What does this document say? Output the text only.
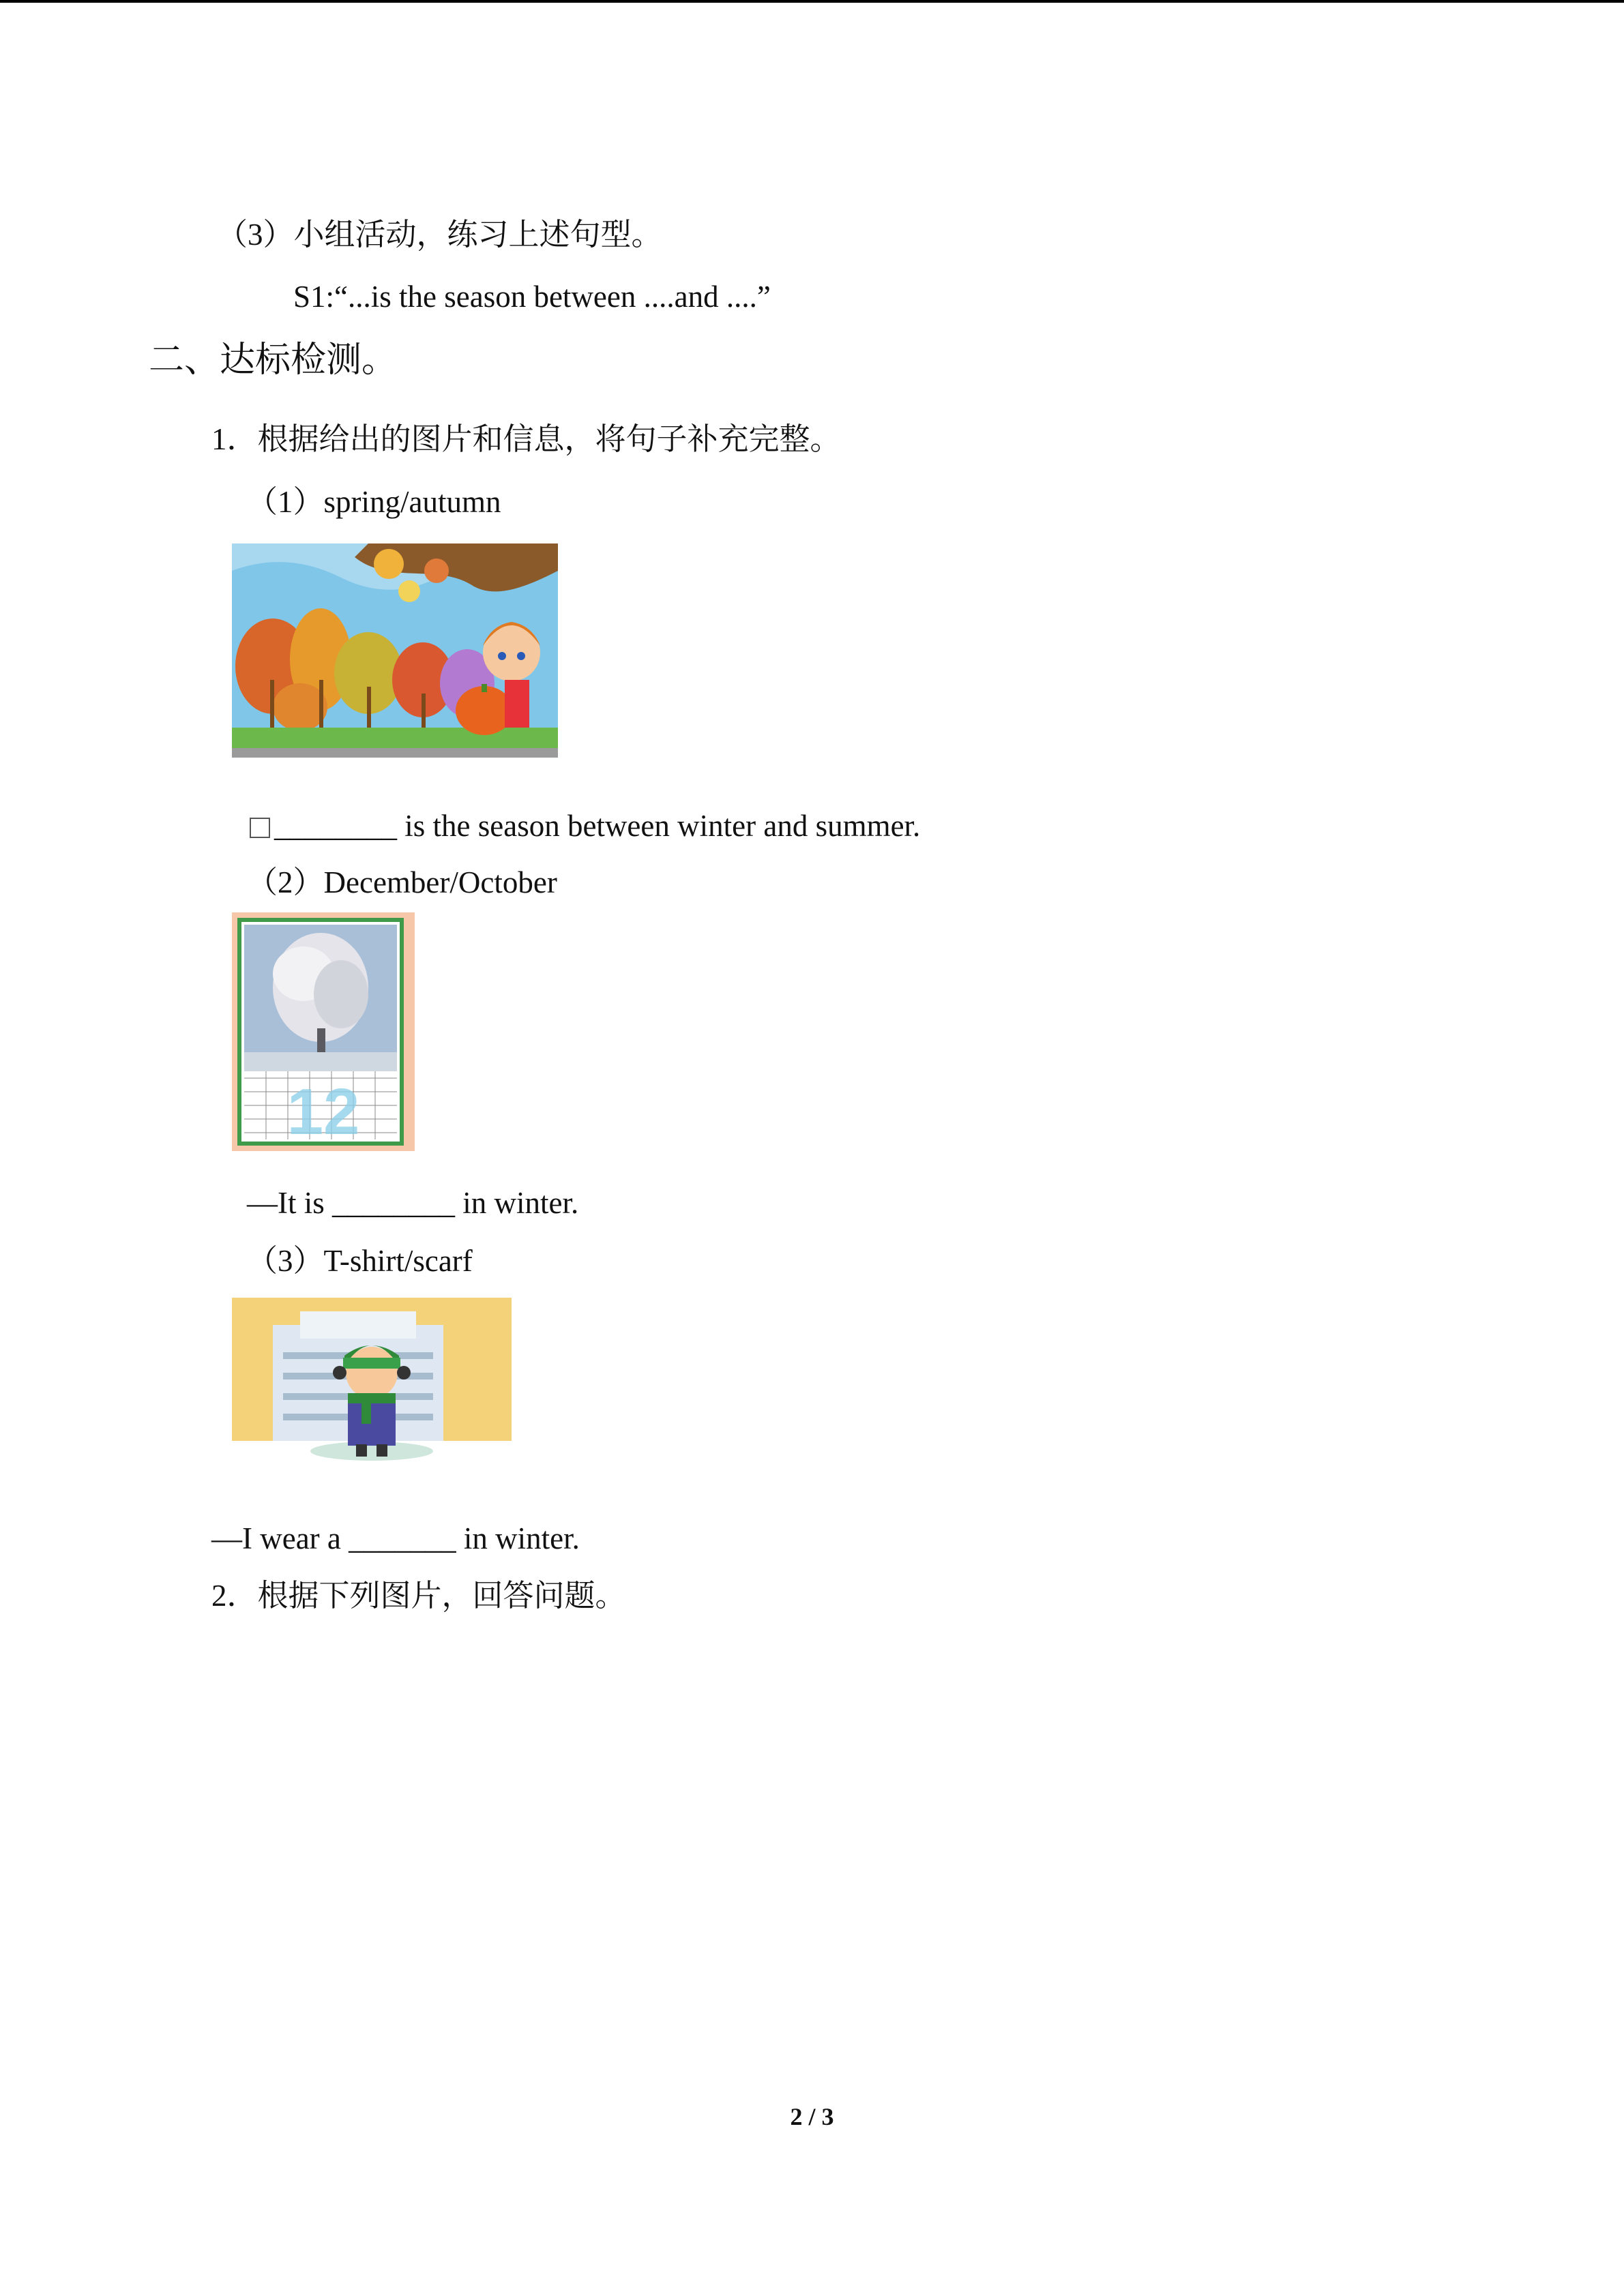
（3）小组活动，练习上述句型。
S1:“...is the season between ....and ....”
二、达标检测。
1．根据给出的图片和信息，将句子补充完整。
（1）spring/autumn
________ is the season between winter and summer.
（2）December/October
12
—It is ________ in winter.
（3）T-shirt/scarf
—I wear a _______ in winter.
2．根据下列图片，回答问题。
2 / 3
